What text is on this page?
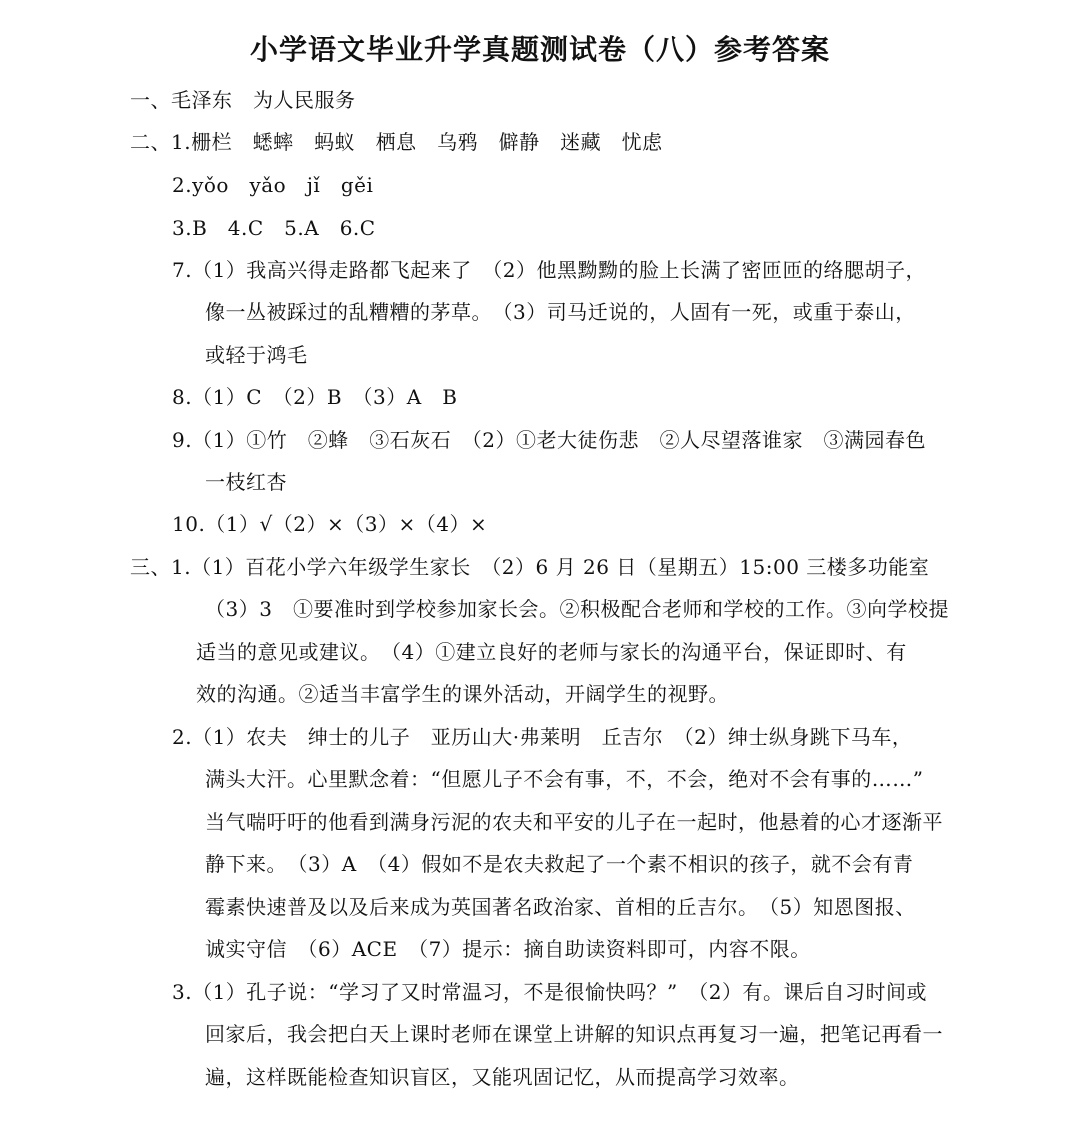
小学语文毕业升学真题测试卷（八）参考答案
一、毛泽东　为人民服务
二、1.栅栏　蟋蟀　蚂蚁　栖息　乌鸦　僻静　迷藏　忧虑
2.yǒo　yǎo　jǐ　gěi
3.B　4.C　5.A　6.C
7.（1）我高兴得走路都飞起来了　（2）他黑黝黝的脸上长满了密匝匝的络腮胡子，
像一丛被踩过的乱糟糟的茅草。　（3）司马迁说的，人固有一死，或重于泰山，
或轻于鸿毛
8.（1）C　（2）B　（3）A　B
9.（1）①竹　②蜂　③石灰石　（2）①老大徒伤悲　②人尽望落谁家　③满园春色
一枝红杏
10.（1）√（2）×（3）×（4）×
三、1.（1）百花小学六年级学生家长　（2）6 月 26 日（星期五）15:00 三楼多功能室
（3）3　①要准时到学校参加家长会。②积极配合老师和学校的工作。③向学校提
适当的意见或建议。　（4）①建立良好的老师与家长的沟通平台，保证即时、有
效的沟通。②适当丰富学生的课外活动，开阔学生的视野。
2.（1）农夫　绅士的儿子　亚历山大·弗莱明　丘吉尔　（2）绅士纵身跳下马车，
满头大汗。心里默念着：“但愿儿子不会有事，不，不会，绝对不会有事的……”
当气喘吁吁的他看到满身污泥的农夫和平安的儿子在一起时，他悬着的心才逐渐平
静下来。　（3）A　（4）假如不是农夫救起了一个素不相识的孩子，就不会有青
霉素快速普及以及后来成为英国著名政治家、首相的丘吉尔。　（5）知恩图报、
诚实守信　（6）ACE　（7）提示：摘自助读资料即可，内容不限。
3.（1）孔子说：“学习了又时常温习，不是很愉快吗？”　（2）有。课后自习时间或
回家后，我会把白天上课时老师在课堂上讲解的知识点再复习一遍，把笔记再看一
遍，这样既能检查知识盲区，又能巩固记忆，从而提高学习效率。
